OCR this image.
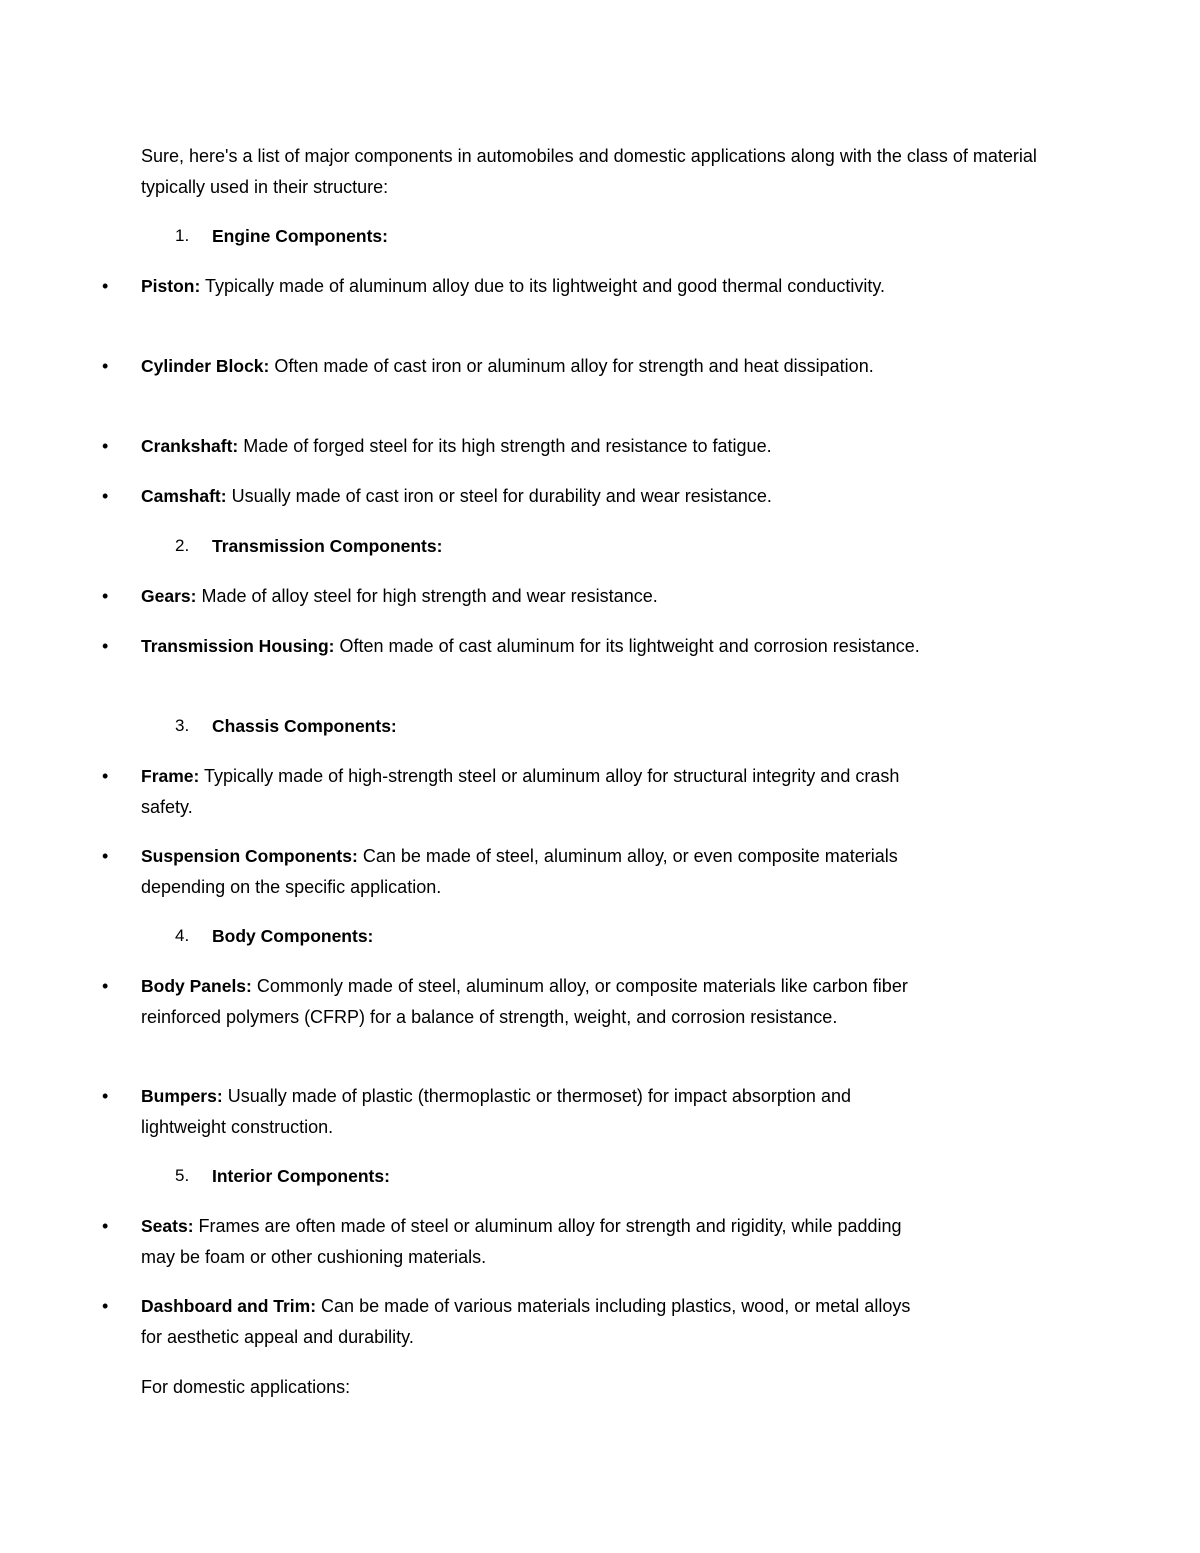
Sure, here's a list of major components in automobiles and domestic applications along with the class of material typically used in their structure:

1. Engine Components:
• Piston: Typically made of aluminum alloy due to its lightweight and good thermal conductivity.
• Cylinder Block: Often made of cast iron or aluminum alloy for strength and heat dissipation.
• Crankshaft: Made of forged steel for its high strength and resistance to fatigue.
• Camshaft: Usually made of cast iron or steel for durability and wear resistance.
2. Transmission Components:
• Gears: Made of alloy steel for high strength and wear resistance.
• Transmission Housing: Often made of cast aluminum for its lightweight and corrosion resistance.
3. Chassis Components:
• Frame: Typically made of high-strength steel or aluminum alloy for structural integrity and crash safety.
• Suspension Components: Can be made of steel, aluminum alloy, or even composite materials depending on the specific application.
4. Body Components:
• Body Panels: Commonly made of steel, aluminum alloy, or composite materials like carbon fiber reinforced polymers (CFRP) for a balance of strength, weight, and corrosion resistance.
• Bumpers: Usually made of plastic (thermoplastic or thermoset) for impact absorption and lightweight construction.
5. Interior Components:
• Seats: Frames are often made of steel or aluminum alloy for strength and rigidity, while padding may be foam or other cushioning materials.
• Dashboard and Trim: Can be made of various materials including plastics, wood, or metal alloys for aesthetic appeal and durability.

For domestic applications:
